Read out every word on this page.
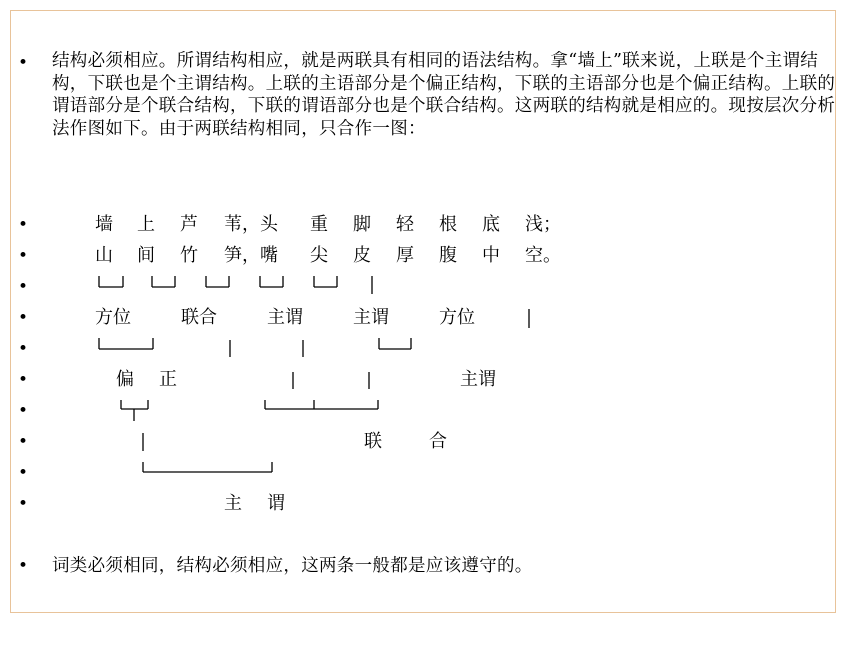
•
•
•
•
•
•
•
•
•
•
•
•
结构必须相应。所谓结构相应，就是两联具有相同的语法结构。拿“墙上”联来说，上联是个主谓结构，下联也是个主谓结构。上联的主语部分是个偏正结构，下联的主语部分也是个偏正结构。上联的谓语部分是个联合结构，下联的谓语部分也是个联合结构。这两联的结构就是相应的。现按层次分析法作图如下。由于两联结构相同，只合作一图：
墙 上 芦 苇，头 重 脚 轻 根 底 浅；
山 间 竹 笋，嘴 尖 皮 厚 腹 中 空。
方位	联合	主谓	主谓	方位
偏 正	主谓
联	合
主 谓
词类必须相同，结构必须相应，这两条一般都是应该遵守的。
